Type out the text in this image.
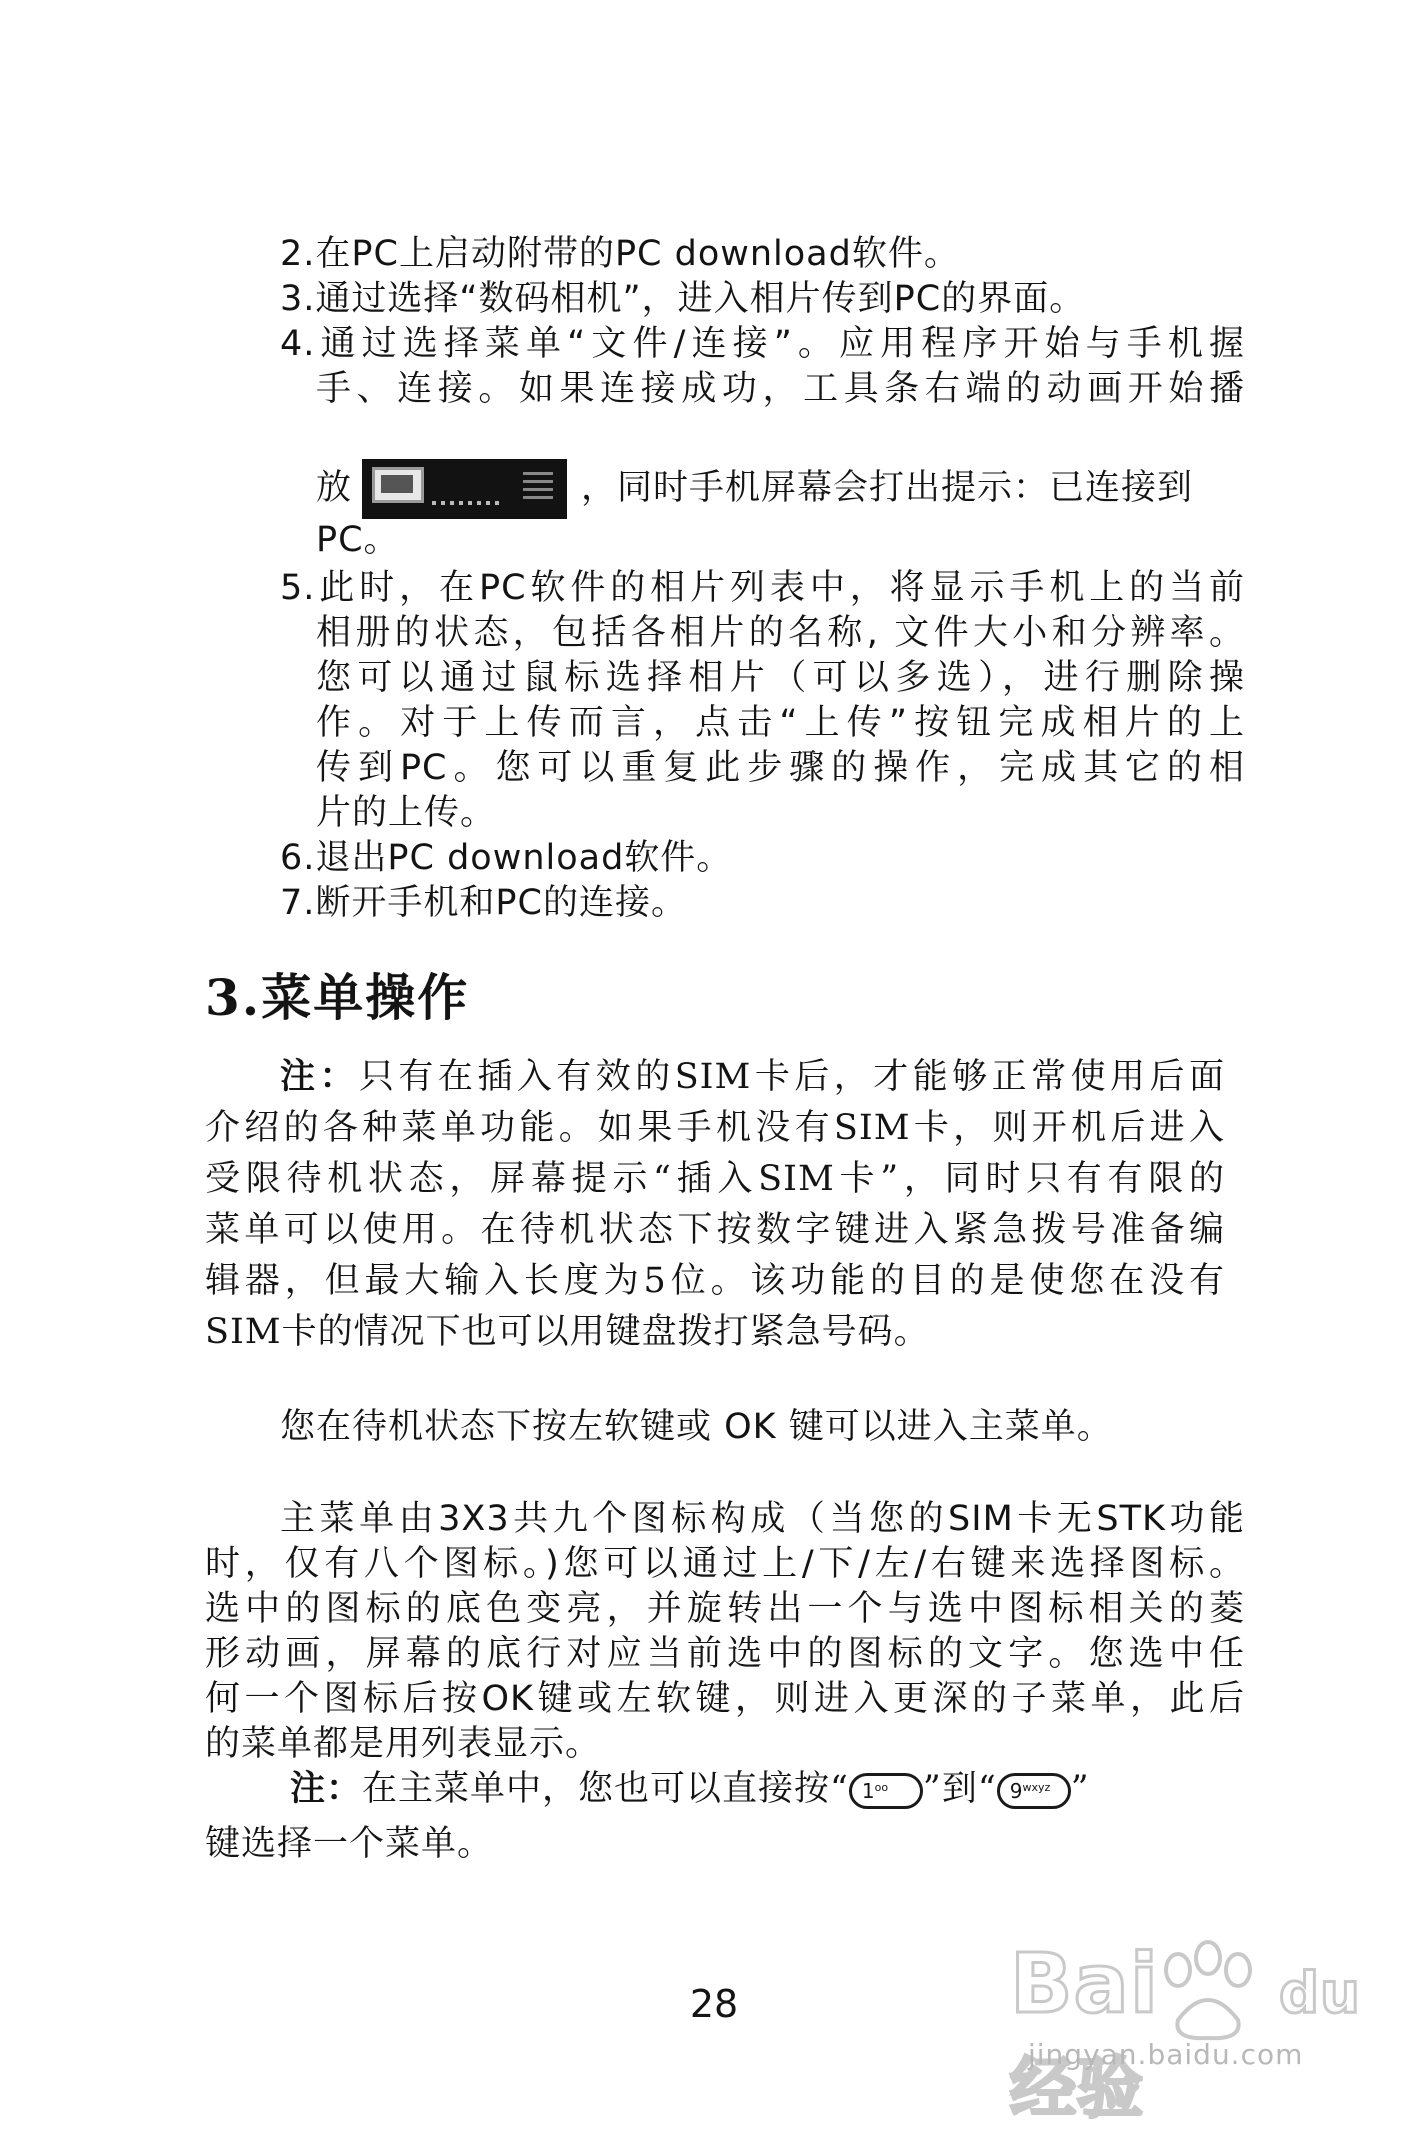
2.在PC上启动附带的PC download软件。
3.通过选择“数码相机”，进入相片传到PC的界面。
4.通过选择菜单“文件/连接”。应用程序开始与手机握
手、连接。如果连接成功，工具条右端的动画开始播
放	，同时手机屏幕会打出提示：已连接到
PC。
5.此时，在PC软件的相片列表中，将显示手机上的当前
相册的状态，包括各相片的名称, 文件大小和分辨率。
您可以通过鼠标选择相片（可以多选），进行删除操
作。对于上传而言，点击“上传”按钮完成相片的上
传到PC。您可以重复此步骤的操作，完成其它的相
片的上传。
6.退出PC download软件。
7.断开手机和PC的连接。
3.菜单操作
注：只有在插入有效的SIM卡后，才能够正常使用后面
介绍的各种菜单功能。如果手机没有SIM卡，则开机后进入
受限待机状态，屏幕提示“插入SIM卡”，同时只有有限的
菜单可以使用。在待机状态下按数字键进入紧急拨号准备编
辑器，但最大输入长度为5位。该功能的目的是使您在没有
SIM卡的情况下也可以用键盘拨打紧急号码。
您在待机状态下按左软键或 OK 键可以进入主菜单。
主菜单由3X3共九个图标构成（当您的SIM卡无STK功能
时，仅有八个图标。)您可以通过上/下/左/右键来选择图标。
选中的图标的底色变亮，并旋转出一个与选中图标相关的菱
形动画，屏幕的底行对应当前选中的图标的文字。您选中任
何一个图标后按OK键或左软键，则进入更深的子菜单，此后
的菜单都是用列表显示。
注：在主菜单中，您也可以直接按“ $1^{oo}$ ”到“ $9^{wxyz}$ ”
键选择一个菜单。
28	Bai du经验
jingyan.baidu.com
